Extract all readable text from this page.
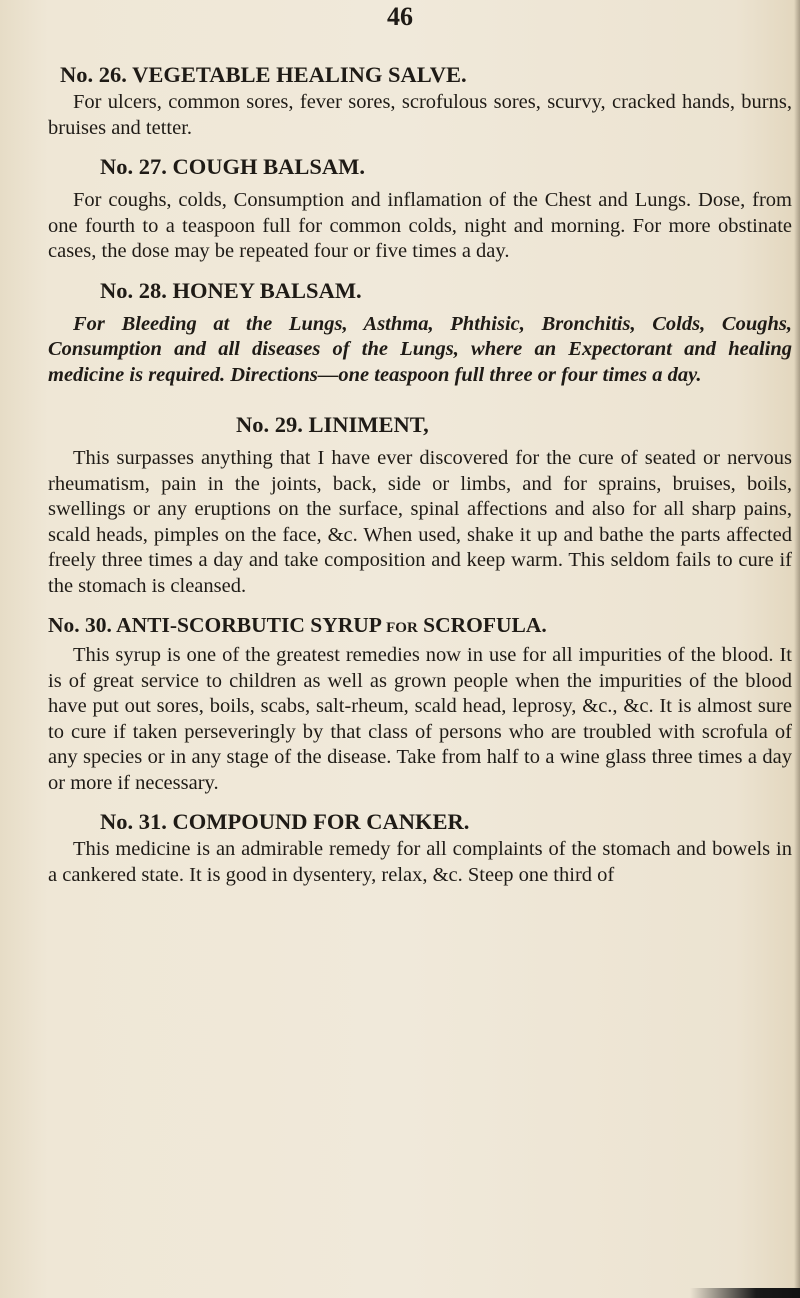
46
No. 26. VEGETABLE HEALING SALVE.

For ulcers, common sores, fever sores, scrofulous sores, scurvy, cracked hands, burns, bruises and tetter.

No. 27. COUGH BALSAM.

For coughs, colds, Consumption and inflamation of the Chest and Lungs. Dose, from one fourth to a teaspoon full for common colds, night and morning. For more obstinate cases, the dose may be repeated four or five times a day.

No. 28. HONEY BALSAM.

For Bleeding at the Lungs, Asthma, Phthisic, Bronchitis, Colds, Coughs, Consumption and all diseases of the Lungs, where an Expectorant and healing medicine is required. Directions—one teaspoon full three or four times a day.

No. 29. LINIMENT,

This surpasses anything that I have ever discovered for the cure of seated or nervous rheumatism, pain in the joints, back, side or limbs, and for sprains, bruises, boils, swellings or any eruptions on the surface, spinal affections and also for all sharp pains, scald heads, pimples on the face, &c. When used, shake it up and bathe the parts affected freely three times a day and take composition and keep warm. This seldom fails to cure if the stomach is cleansed.

No. 30. ANTI-SCORBUTIC SYRUP FOR SCROFULA.

This syrup is one of the greatest remedies now in use for all impurities of the blood. It is of great service to children as well as grown people when the impurities of the blood have put out sores, boils, scabs, salt-rheum, scald head, leprosy, &c., &c. It is almost sure to cure if taken perseveringly by that class of persons who are troubled with scrofula of any species or in any stage of the disease. Take from half to a wine glass three times a day or more if necessary.

No. 31. COMPOUND FOR CANKER.

This medicine is an admirable remedy for all complaints of the stomach and bowels in a cankered state. It is good in dysentery, relax, &c. Steep one third of
